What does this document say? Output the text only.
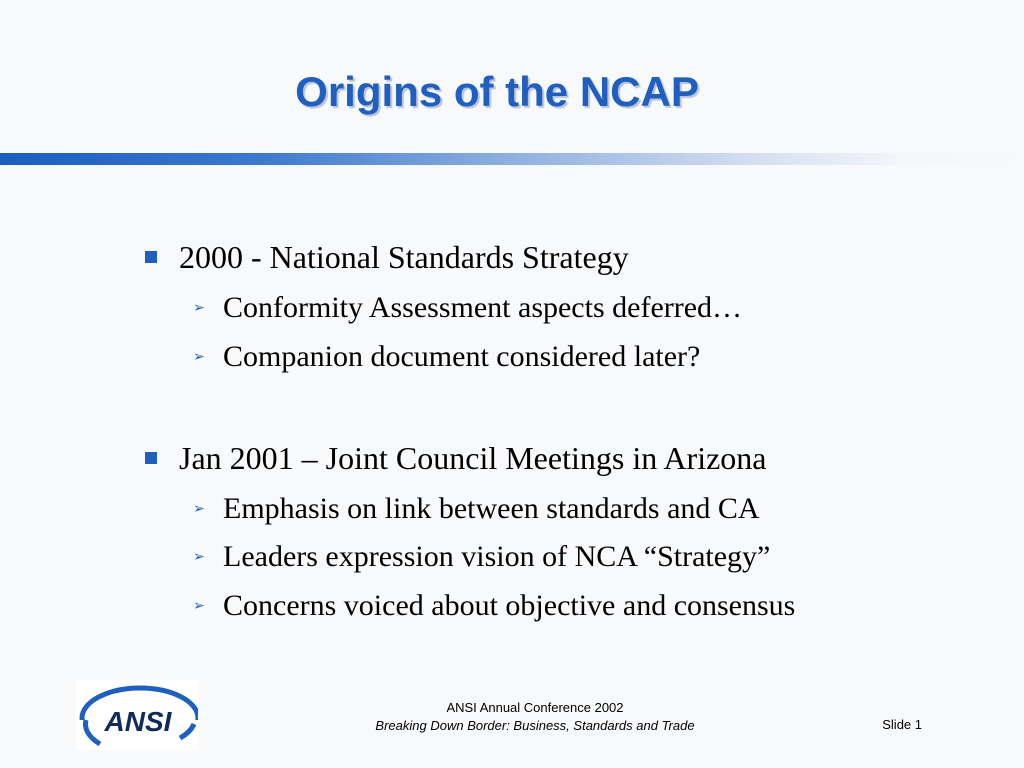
Origins of the NCAP
2000 - National Standards Strategy
➢ Conformity Assessment aspects deferred…
➢ Companion document considered later?
Jan 2001 – Joint Council Meetings in Arizona
➢ Emphasis on link between standards and CA
➢ Leaders expression vision of NCA “Strategy”
➢ Concerns voiced about objective and consensus
ANSI	ANSI Annual Conference 2002
Breaking Down Border: Business, Standards and Trade	Slide 1
